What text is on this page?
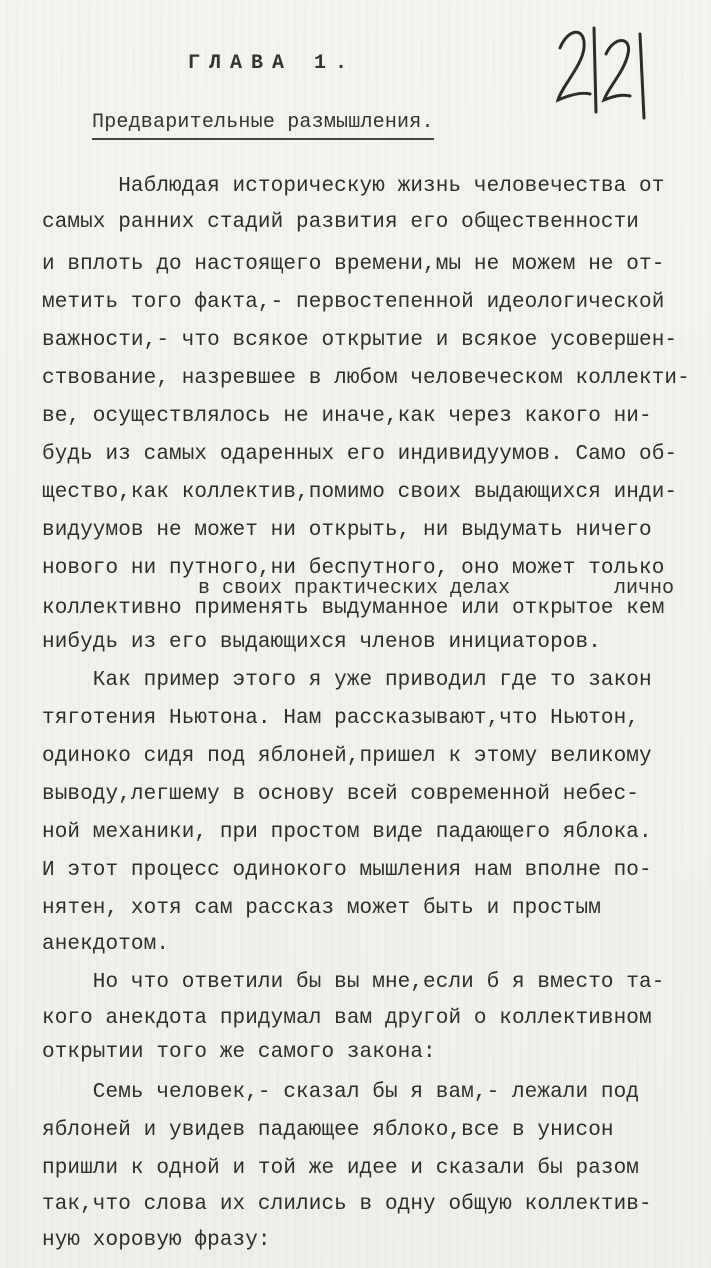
ГЛАВА 1.
Предварительные размышления.
Наблюдая историческую жизнь человечества от
самых ранних стадий развития его общественности
и вплоть до настоящего времени,мы не можем не от-
метить того факта,- первостепенной идеологической
важности,- что всякое открытие и всякое усовершен-
ствование, назревшее в любом человеческом коллекти-
ве, осуществлялось не иначе,как через какого ни-
будь из самых одаренных его индивидуумов. Само об-
щество,как коллектив,помимо своих выдающихся инди-
видуумов не может ни открыть, ни выдумать ничего
нового ни путного,ни беспутного, оно может только
в своих практических делах	лично
коллективно применять выдуманное или открытое кем
нибудь из его выдающихся членов инициаторов.
Как пример этого я уже приводил где то закон
тяготения Ньютона. Нам рассказывают,что Ньютон,
одиноко сидя под яблоней,пришел к этому великому
выводу,легшему в основу всей современной небес-
ной механики, при простом виде падающего яблока.
И этот процесс одинокого мышления нам вполне по-
нятен, хотя сам рассказ может быть и простым
анекдотом.
Но что ответили бы вы мне,если б я вместо та-
кого анекдота придумал вам другой о коллективном
открытии того же самого закона:
Семь человек,- сказал бы я вам,- лежали под
яблоней и увидев падающее яблоко,все в унисон
пришли к одной и той же идее и сказали бы разом
так,что слова их слились в одну общую коллектив-
ную хоровую фразу:
